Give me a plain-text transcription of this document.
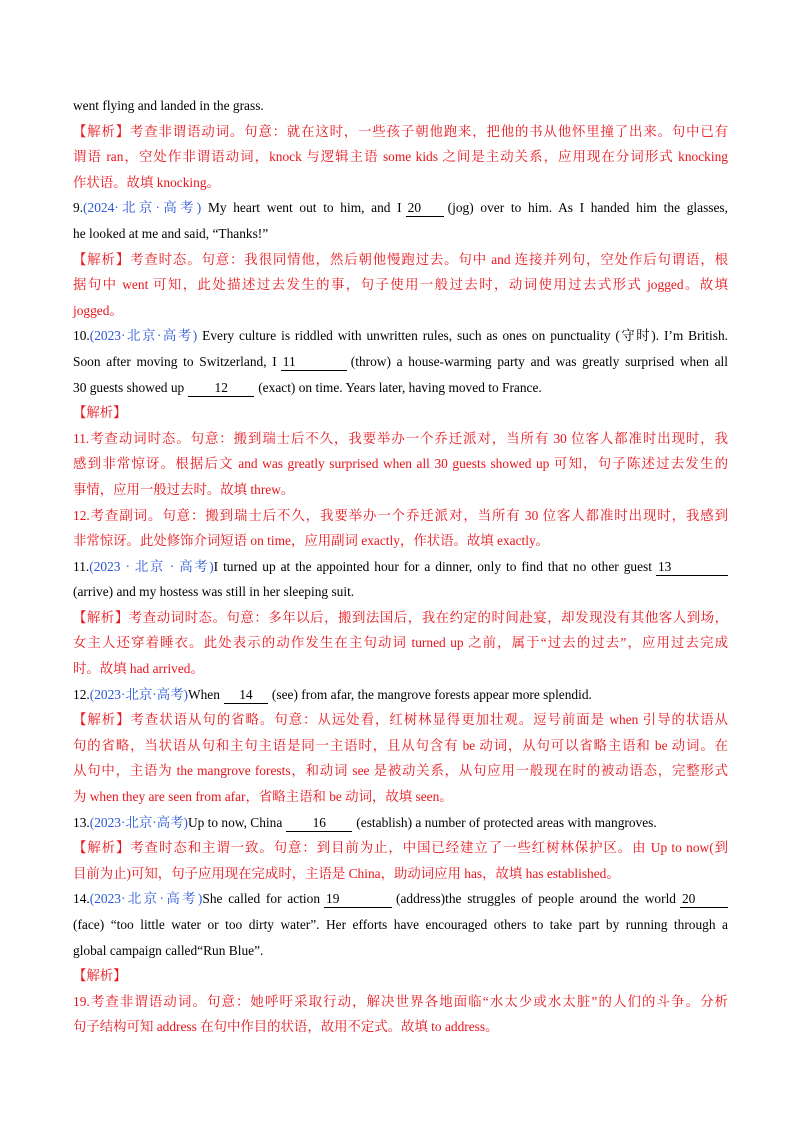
went flying and landed in the grass.
【解析】考查非谓语动词。句意：就在这时，一些孩子朝他跑来，把他的书从他怀里撞了出来。句中已有
谓语 ran，空处作非谓语动词，knock 与逻辑主语 some kids 之间是主动关系，应用现在分词形式 knocking
作状语。故填 knocking。
9.(2024·北京·高考) My heart went out to him, and I 20 (jog) over to him. As I handed him the glasses,
he looked at me and said, “Thanks!”
【解析】考查时态。句意：我很同情他，然后朝他慢跑过去。句中 and 连接并列句，空处作后句谓语，根
据句中 went 可知，此处描述过去发生的事，句子使用一般过去时，动词使用过去式形式 jogged。故填
jogged。
10.(2023·北京·高考) Every culture is riddled with unwritten rules, such as ones on punctuality (守时). I’m British.
Soon after moving to Switzerland, I 11	(throw) a house-warming party and was greatly surprised when all
30 guests showed up 12 (exact) on time. Years later, having moved to France.
【解析】
11.考查动词时态。句意：搬到瑞士后不久，我要举办一个乔迁派对，当所有 30 位客人都准时出现时，我
感到非常惊讶。根据后文 and was greatly surprised when all 30 guests showed up 可知，句子陈述过去发生的
事情，应用一般过去时。故填 threw。
12.考查副词。句意：搬到瑞士后不久，我要举办一个乔迁派对，当所有 30 位客人都准时出现时，我感到
非常惊讶。此处修饰介词短语 on time，应用副词 exactly，作状语。故填 exactly。
11.(2023 · 北京 · 高考)I turned up at the appointed hour for a dinner, only to find that no other guest 13
(arrive) and my hostess was still in her sleeping suit.
【解析】考查动词时态。句意：多年以后，搬到法国后，我在约定的时间赴宴，却发现没有其他客人到场，
女主人还穿着睡衣。此处表示的动作发生在主句动词 turned up 之前，属于“过去的过去”，应用过去完成
时。故填 had arrived。
12.(2023·北京·高考)When 14 (see) from afar, the mangrove forests appear more splendid.
【解析】考查状语从句的省略。句意：从远处看，红树林显得更加壮观。逗号前面是 when 引导的状语从
句的省略，当状语从句和主句主语是同一主语时，且从句含有 be 动词，从句可以省略主语和 be 动词。在
从句中，主语为 the mangrove forests，和动词 see 是被动关系，从句应用一般现在时的被动语态，完整形式
为 when they are seen from afar，省略主语和 be 动词，故填 seen。
13.(2023·北京·高考)Up to now, China 16 (establish) a number of protected areas with mangroves.
【解析】考查时态和主谓一致。句意：到目前为止，中国已经建立了一些红树林保护区。由 Up to now(到
目前为止)可知，句子应用现在完成时，主语是 China，助动词应用 has，故填 has established。
14.(2023·北京·高考)She called for action 19	(address)the struggles of people around the world 20
(face) “too little water or too dirty water”. Her efforts have encouraged others to take part by running through a
global campaign called“Run Blue”.
【解析】
19.考查非谓语动词。句意：她呼吁采取行动，解决世界各地面临“水太少或水太脏”的人们的斗争。分析
句子结构可知 address 在句中作目的状语，故用不定式。故填 to address。
